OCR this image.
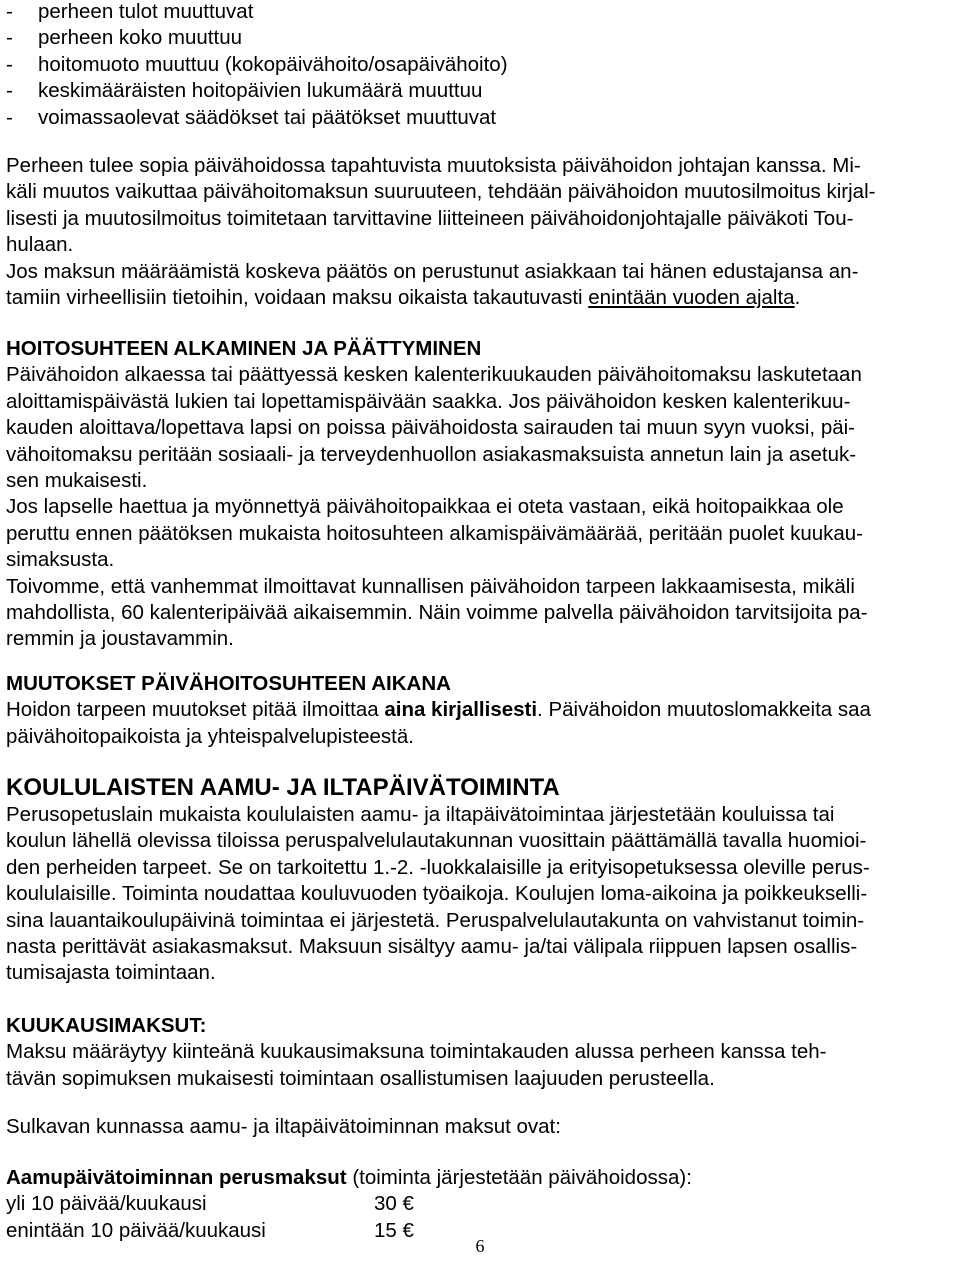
- perheen tulot muuttuvat
- perheen koko muuttuu
- hoitomuoto muuttuu (kokopäivähoito/osapäivähoito)
- keskimääräisten hoitopäivien lukumäärä muuttuu
- voimassaolevat säädökset tai päätökset muuttuvat
Perheen tulee sopia päivähoidossa tapahtuvista muutoksista päivähoidon johtajan kanssa. Mi-
käli muutos vaikuttaa päivähoitomaksun suuruuteen, tehdään päivähoidon muutosilmoitus kirjal-
lisesti ja muutosilmoitus toimitetaan tarvittavine liitteineen päivähoidonjohtajalle päiväkoti Tou-
hulaan.
Jos maksun määräämistä koskeva päätös on perustunut asiakkaan tai hänen edustajansa an-
tamiin virheellisiin tietoihin, voidaan maksu oikaista takautuvasti enintään vuoden ajalta.
HOITOSUHTEEN ALKAMINEN JA PÄÄTTYMINEN
Päivähoidon alkaessa tai päättyessä kesken kalenterikuukauden päivähoitomaksu laskutetaan
aloittamispäivästä lukien tai lopettamispäivään saakka. Jos päivähoidon kesken kalenterikuu-
kauden aloittava/lopettava lapsi on poissa päivähoidosta sairauden tai muun syyn vuoksi, päi-
vähoitomaksu peritään sosiaali- ja terveydenhuollon asiakasmaksuista annetun lain ja asetuk-
sen mukaisesti.
Jos lapselle haettua ja myönnettyä päivähoitopaikkaa ei oteta vastaan, eikä hoitopaikkaa ole
peruttu ennen päätöksen mukaista hoitosuhteen alkamispäivämäärää, peritään puolet kuukau-
simaksusta.
Toivomme, että vanhemmat ilmoittavat kunnallisen päivähoidon tarpeen lakkaamisesta, mikäli
mahdollista, 60 kalenteripäivää aikaisemmin. Näin voimme palvella päivähoidon tarvitsijoita pa-
remmin ja joustavammin.
MUUTOKSET PÄIVÄHOITOSUHTEEN AIKANA
Hoidon tarpeen muutokset pitää ilmoittaa aina kirjallisesti. Päivähoidon muutoslomakkeita saa
päivähoitopaikoista ja yhteispalvelupisteestä.
KOULULAISTEN AAMU- JA ILTAPÄIVÄTOIMINTA
Perusopetuslain mukaista koululaisten aamu- ja iltapäivätoimintaa järjestetään kouluissa tai
koulun lähellä olevissa tiloissa peruspalvelulautakunnan vuosittain päättämällä tavalla huomioi-
den perheiden tarpeet. Se on tarkoitettu 1.-2. -luokkalaisille ja erityisopetuksessa oleville perus-
koululaisille. Toiminta noudattaa kouluvuoden työaikoja. Koulujen loma-aikoina ja poikkeukselli-
sina lauantaikoulupäivinä toimintaa ei järjestetä. Peruspalvelulautakunta on vahvistanut toimin-
nasta perittävät asiakasmaksut. Maksuun sisältyy aamu- ja/tai välipala riippuen lapsen osallis-
tumisajasta toimintaan.
KUUKAUSIMAKSUT:
Maksu määräytyy kiinteänä kuukausimaksuna toimintakauden alussa perheen kanssa teh-
tävän sopimuksen mukaisesti toimintaan osallistumisen laajuuden perusteella.
Sulkavan kunnassa aamu- ja iltapäivätoiminnan maksut ovat:
Aamupäivätoiminnan perusmaksut (toiminta järjestetään päivähoidossa):
yli 10 päivää/kuukausi	30 €
enintään 10 päivää/kuukausi	15 €
6
